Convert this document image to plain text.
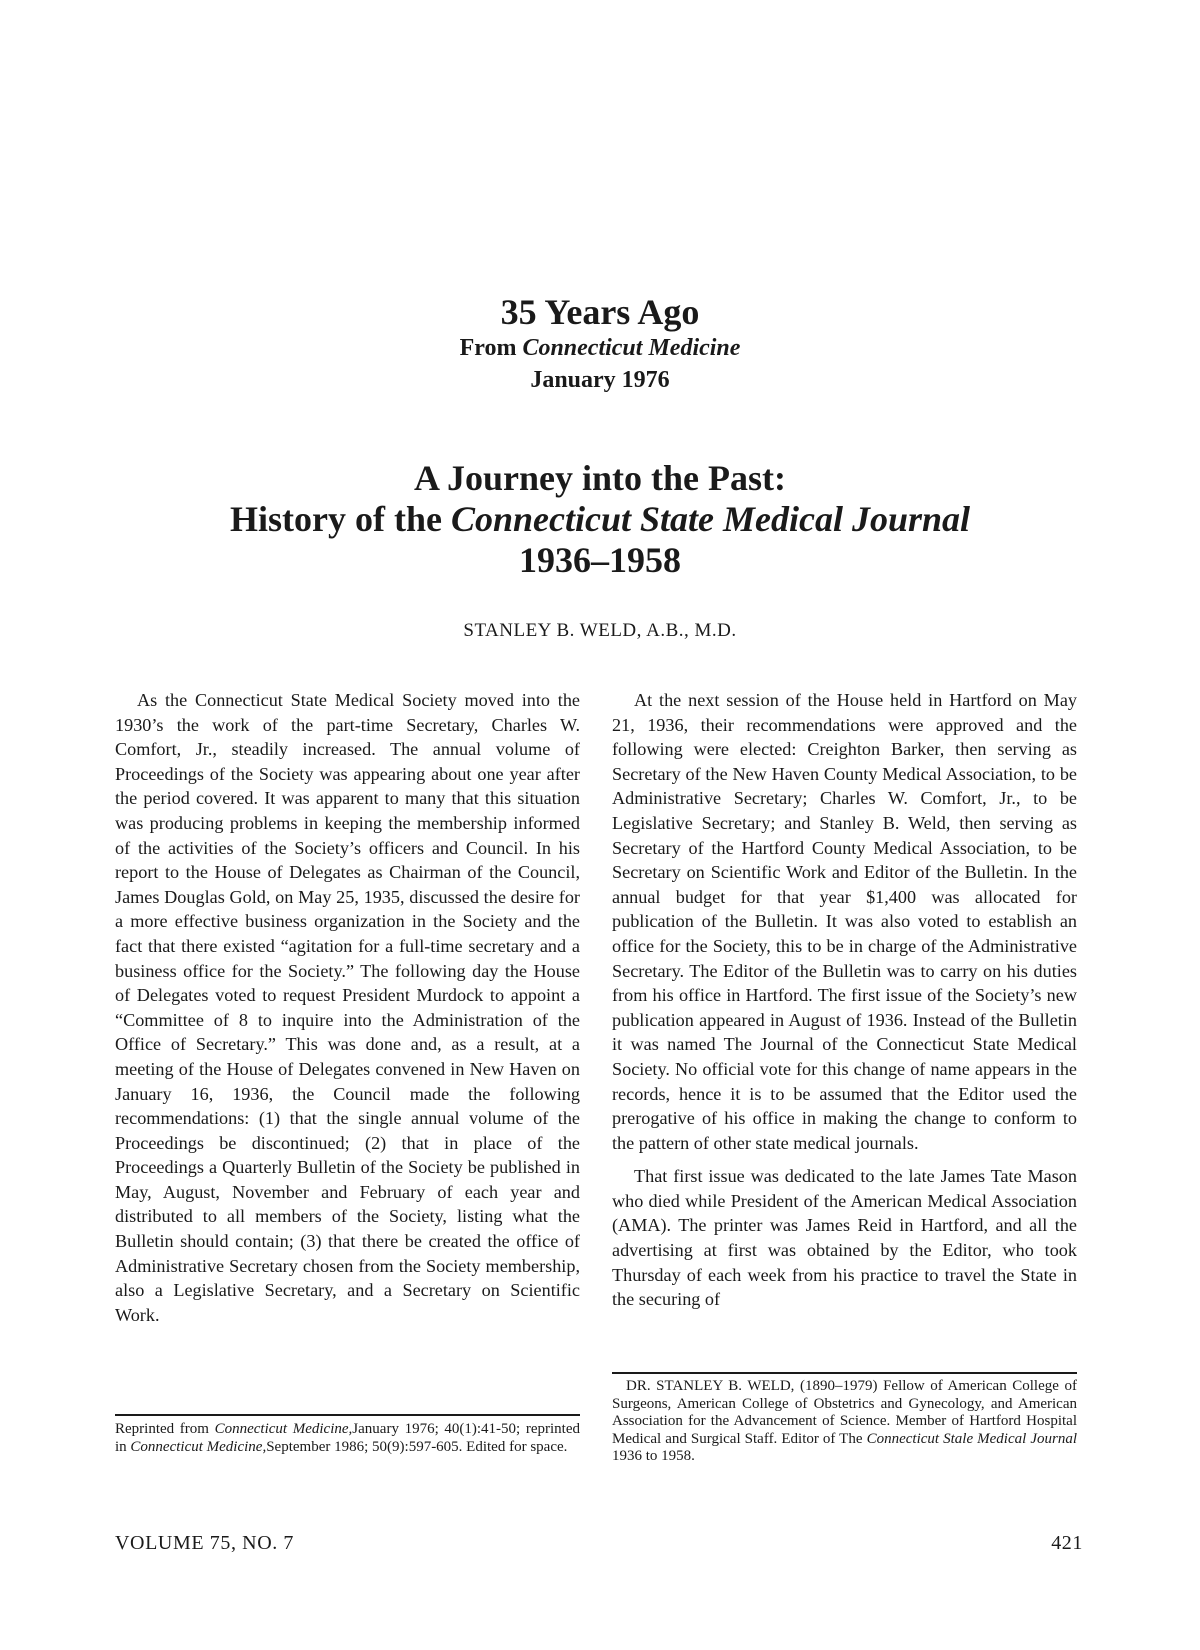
35 Years Ago
From Connecticut Medicine
January 1976
A Journey into the Past:
History of the Connecticut State Medical Journal
1936–1958
STANLEY B. WELD, A.B., M.D.

As the Connecticut State Medical Society moved into the 1930’s the work of the part-time Secretary, Charles W. Comfort, Jr., steadily increased. The annual volume of Proceedings of the Society was appearing about one year after the period covered. It was apparent to many that this situation was producing problems in keeping the membership informed of the activities of the Society’s officers and Council. In his report to the House of Delegates as Chairman of the Council, James Douglas Gold, on May 25, 1935, discussed the desire for a more effective business organization in the Society and the fact that there existed “agitation for a full-time secretary and a business office for the Society.” The following day the House of Delegates voted to request President Murdock to appoint a “Committee of 8 to inquire into the Administration of the Office of Secretary.” This was done and, as a result, at a meeting of the House of Delegates convened in New Haven on January 16, 1936, the Council made the following recommendations: (1) that the single annual volume of the Proceedings be discontinued; (2) that in place of the Proceedings a Quarterly Bulletin of the Society be published in May, August, November and February of each year and distributed to all members of the Society, listing what the Bulletin should contain; (3) that there be created the office of Administrative Secretary chosen from the Society membership, also a Legislative Secretary, and a Secretary on Scientific Work.

At the next session of the House held in Hartford on May 21, 1936, their recommendations were approved and the following were elected: Creighton Barker, then serving as Secretary of the New Haven County Medical Association, to be Administrative Secretary; Charles W. Comfort, Jr., to be Legislative Secretary; and Stanley B. Weld, then serving as Secretary of the Hartford County Medical Association, to be Secretary on Scientific Work and Editor of the Bulletin. In the annual budget for that year $1,400 was allocated for publication of the Bulletin. It was also voted to establish an office for the Society, this to be in charge of the Administrative Secretary. The Editor of the Bulletin was to carry on his duties from his office in Hartford. The first issue of the Society’s new publication appeared in August of 1936. Instead of the Bulletin it was named The Journal of the Connecticut State Medical Society. No official vote for this change of name appears in the records, hence it is to be assumed that the Editor used the prerogative of his office in making the change to conform to the pattern of other state medical journals.

That first issue was dedicated to the late James Tate Mason who died while President of the American Medical Association (AMA). The printer was James Reid in Hartford, and all the advertising at first was obtained by the Editor, who took Thursday of each week from his practice to travel the State in the securing of

DR. STANLEY B. WELD, (1890–1979) Fellow of American College of Surgeons, American College of Obstetrics and Gynecology, and American Association for the Advancement of Science. Member of Hartford Hospital Medical and Surgical Staff. Editor of The Connecticut Stale Medical Journal 1936 to 1958.
Reprinted from Connecticut Medicine,January 1976; 40(1):41-50; reprinted in Connecticut Medicine,September 1986; 50(9):597-605. Edited for space.
VOLUME 75, NO. 7	421
